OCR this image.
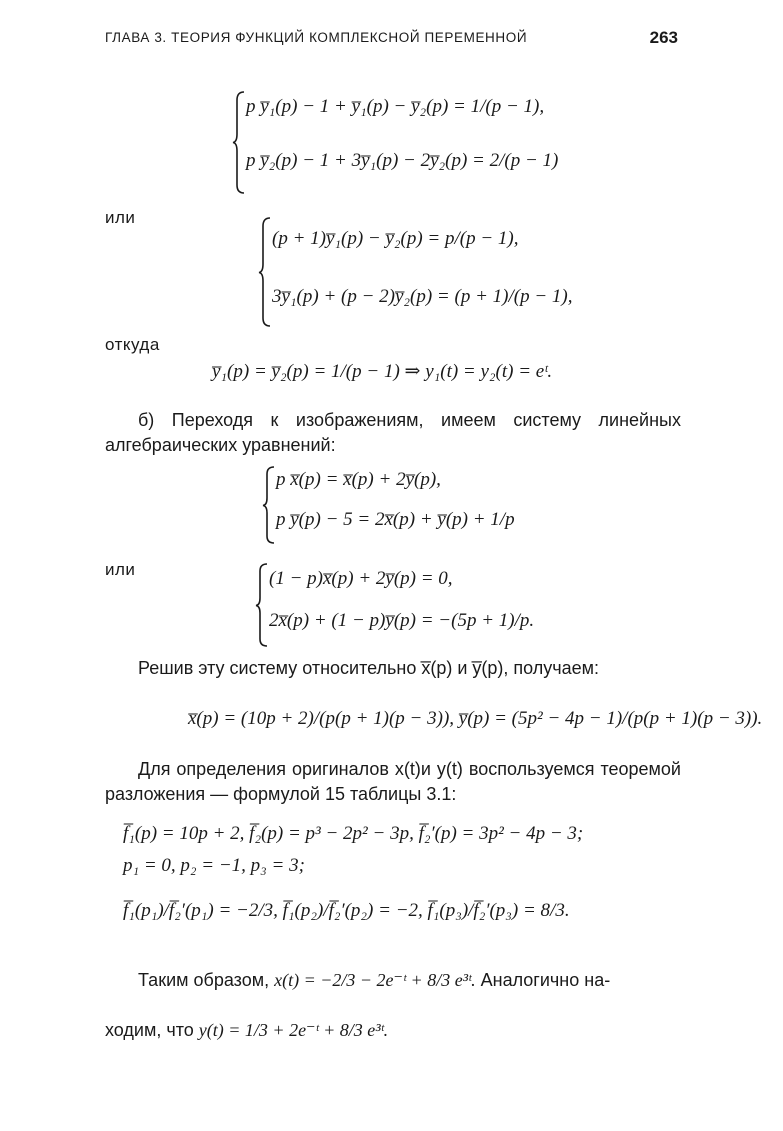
ГЛАВА 3. ТЕОРИЯ ФУНКЦИЙ КОМПЛЕКСНОЙ ПЕРЕМЕННОЙ	263
p y̅₁(p) − 1 + y̅₁(p) − y̅₂(p) = 1/(p − 1),
p y̅₂(p) − 1 + 3y̅₁(p) − 2y̅₂(p) = 2/(p − 1)
или
(p + 1)y̅₁(p) − y̅₂(p) = p/(p − 1),
3y̅₁(p) + (p − 2)y̅₂(p) = (p + 1)/(p − 1),
откуда
y̅₁(p) = y̅₂(p) = 1/(p − 1) ⇒ y₁(t) = y₂(t) = eᵗ.
б) Переходя к изображениям, имеем систему линейных алгебраических уравнений:
p x̅(p) = x̅(p) + 2y̅(p),
p y̅(p) − 5 = 2x̅(p) + y̅(p) + 1/p
или	(1 − p)x̅(p) + 2y̅(p) = 0,
2x̅(p) + (1 − p)y̅(p) = −(5p + 1)/p.
Решив эту систему относительно x̅(p) и y̅(p), получаем:
x̅(p) = (10p + 2)/(p(p + 1)(p − 3)), y̅(p) = (5p² − 4p − 1)/(p(p + 1)(p − 3)).
Для определения оригиналов x(t)и y(t) воспользуемся теоремой разложения — формулой 15 таблицы 3.1:
f̅₁(p) = 10p + 2, f̅₂(p) = p³ − 2p² − 3p, f̅₂′(p) = 3p² − 4p − 3;
p₁ = 0, p₂ = −1, p₃ = 3;
f̅₁(p₁)/f̅₂′(p₁) = −2/3, f̅₁(p₂)/f̅₂′(p₂) = −2, f̅₁(p₃)/f̅₂′(p₃) = 8/3.
Таким образом, x(t) = −2/3 − 2e⁻ᵗ + 8/3 e³ᵗ. Аналогично на-
ходим, что y(t) = 1/3 + 2e⁻ᵗ + 8/3 e³ᵗ.
